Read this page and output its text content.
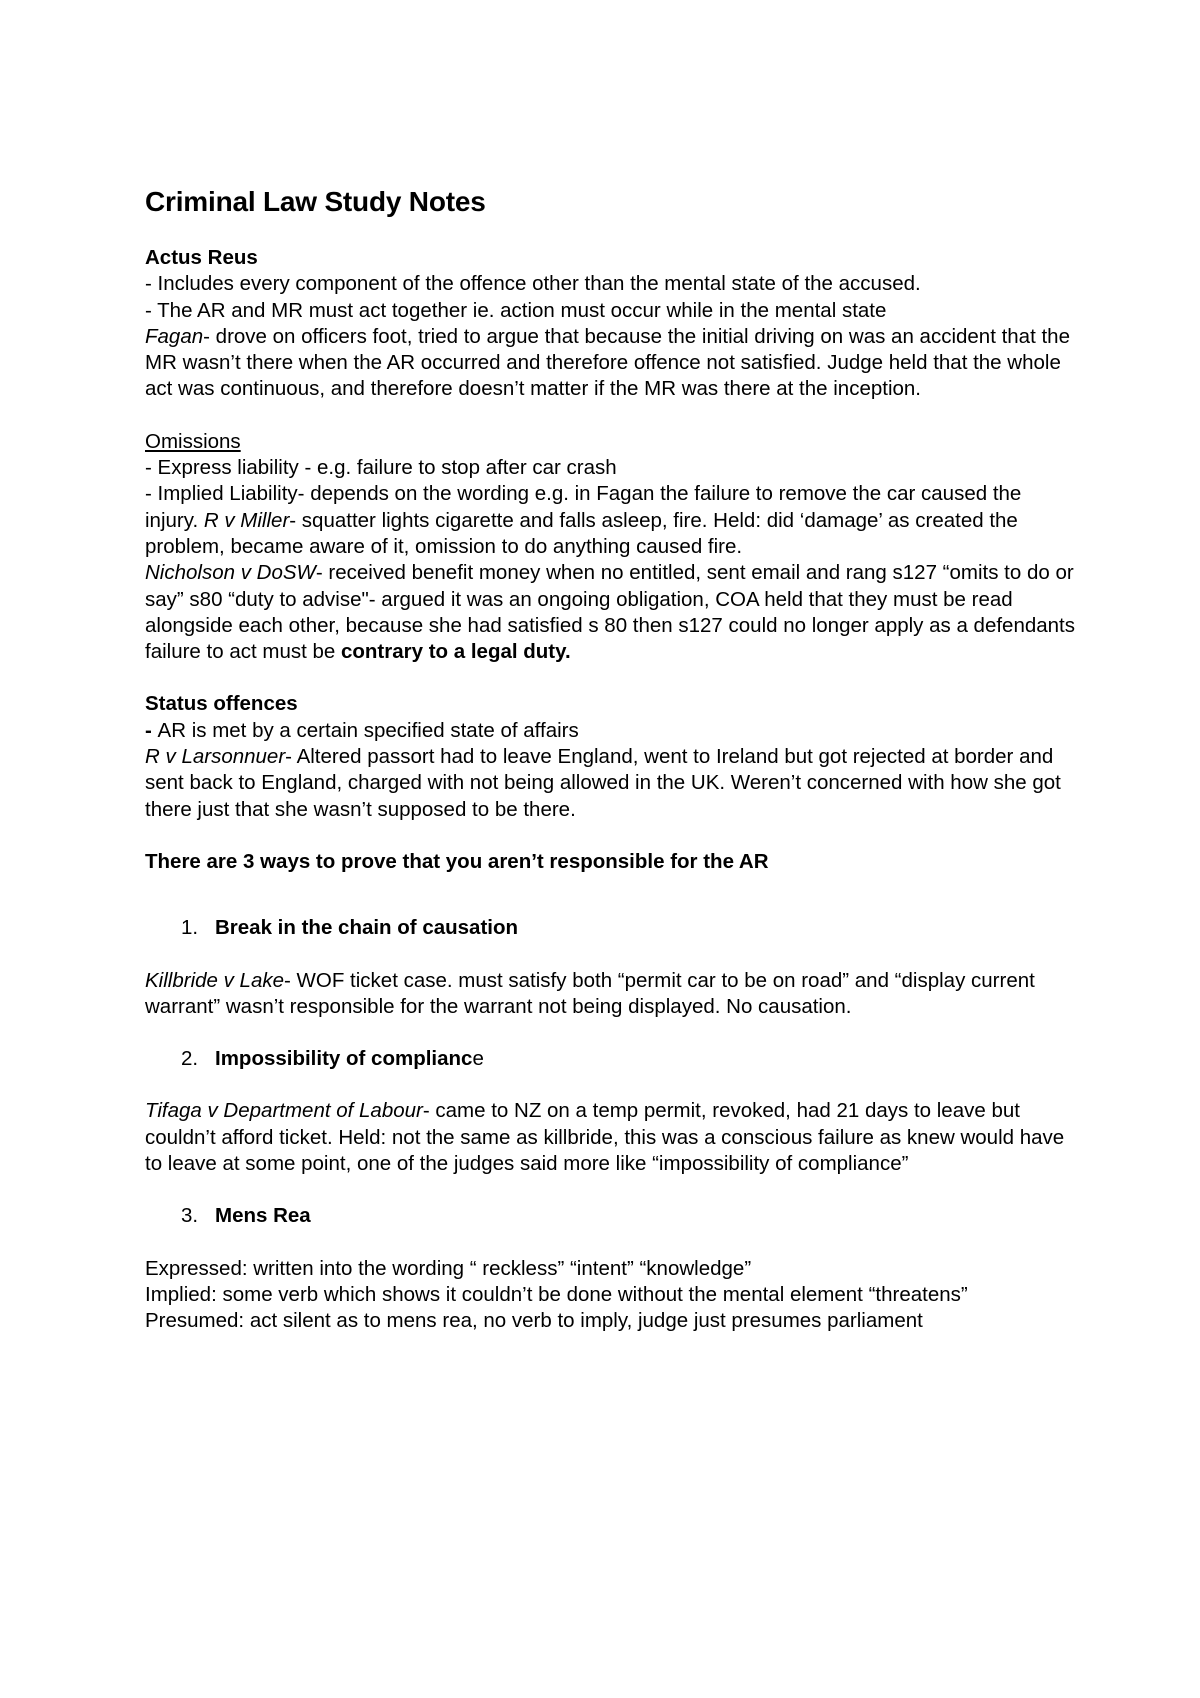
Criminal Law Study Notes

Actus Reus

- Includes every component of the offence other than the mental state of the accused.

- The AR and MR must act together ie. action must occur while in the mental state

Fagan- drove on officers foot, tried to argue that because the initial driving on was an accident that the MR wasn’t there when the AR occurred and therefore offence not satisfied. Judge held that the whole act was continuous, and therefore doesn’t matter if the MR was there at the inception.

Omissions

- Express liability - e.g. failure to stop after car crash

- Implied Liability- depends on the wording e.g. in Fagan the failure to remove the car caused the injury. R v Miller- squatter lights cigarette and falls asleep, fire. Held: did ‘damage’ as created the problem, became aware of it, omission to do anything caused fire.

Nicholson v DoSW- received benefit money when no entitled, sent email and rang s127 “omits to do or say” s80 “duty to advise"- argued it was an ongoing obligation, COA held that they must be read alongside each other, because she had satisfied s 80 then s127 could no longer apply as a defendants failure to act must be contrary to a legal duty.

Status offences

- AR is met by a certain specified state of affairs

R v Larsonnuer- Altered passort had to leave England, went to Ireland but got rejected at border and sent back to England, charged with not being allowed in the UK. Weren’t concerned with how she got there just that she wasn’t supposed to be there.

There are 3 ways to prove that you aren’t responsible for the AR

1. Break in the chain of causation

Killbride v Lake- WOF ticket case. must satisfy both “permit car to be on road” and “display current warrant” wasn’t responsible for the warrant not being displayed. No causation.

2. Impossibility of compliance

Tifaga v Department of Labour- came to NZ on a temp permit, revoked, had 21 days to leave but couldn’t afford ticket. Held: not the same as killbride, this was a conscious failure as knew would have to leave at some point, one of the judges said more like “impossibility of compliance”

3. Mens Rea

Expressed: written into the wording “ reckless” “intent” “knowledge”

Implied: some verb which shows it couldn’t be done without the mental element “threatens”

Presumed: act silent as to mens rea, no verb to imply, judge just presumes parliament
